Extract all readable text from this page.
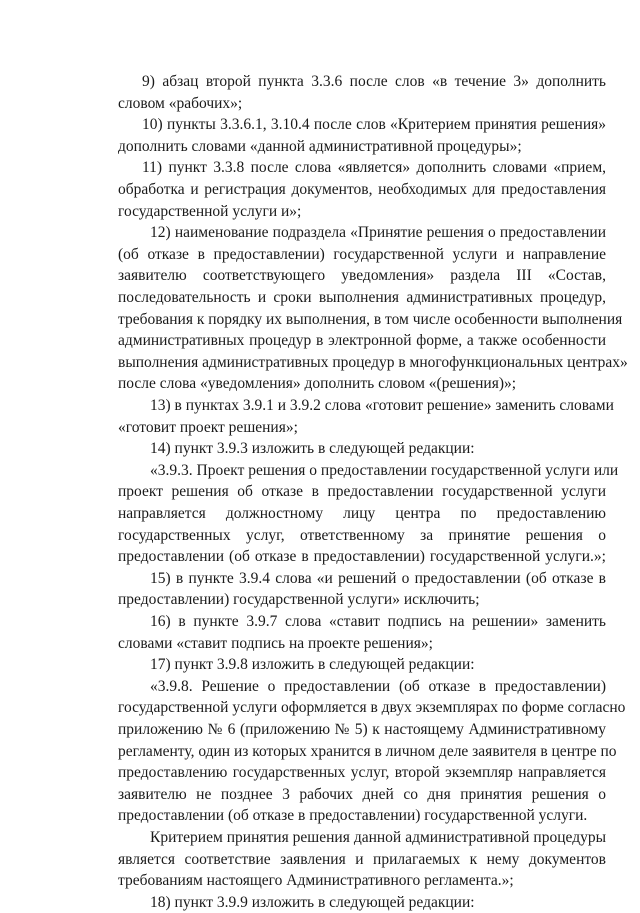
9) абзац второй пункта 3.3.6 после слов «в течение 3» дополнить
словом «рабочих»;
10) пункты 3.3.6.1, 3.10.4 после слов «Критерием принятия решения»
дополнить словами «данной административной процедуры»;
11) пункт 3.3.8 после слова «является» дополнить словами «прием,
обработка и регистрация документов, необходимых для предоставления
государственной услуги и»;
12) наименование подраздела «Принятие решения о предоставлении
(об отказе в предоставлении) государственной услуги и направление
заявителю соответствующего уведомления» раздела III «Состав,
последовательность и сроки выполнения административных процедур,
требования к порядку их выполнения, в том числе особенности выполнения
административных процедур в электронной форме, а также особенности
выполнения административных процедур в многофункциональных центрах»
после слова «уведомления» дополнить словом «(решения)»;
13) в пунктах 3.9.1 и 3.9.2 слова «готовит решение» заменить словами
«готовит проект решения»;
14) пункт 3.9.3 изложить в следующей редакции:
«3.9.3. Проект решения о предоставлении государственной услуги или
проект решения об отказе в предоставлении государственной услуги
направляется должностному лицу центра по предоставлению
государственных услуг, ответственному за принятие решения о
предоставлении (об отказе в предоставлении) государственной услуги.»;
15) в пункте 3.9.4 слова «и решений о предоставлении (об отказе в
предоставлении) государственной услуги» исключить;
16) в пункте 3.9.7 слова «ставит подпись на решении» заменить
словами «ставит подпись на проекте решения»;
17) пункт 3.9.8 изложить в следующей редакции:
«3.9.8. Решение о предоставлении (об отказе в предоставлении)
государственной услуги оформляется в двух экземплярах по форме согласно
приложению № 6 (приложению № 5) к настоящему Административному
регламенту, один из которых хранится в личном деле заявителя в центре по
предоставлению государственных услуг, второй экземпляр направляется
заявителю не позднее 3 рабочих дней со дня принятия решения о
предоставлении (об отказе в предоставлении) государственной услуги.
Критерием принятия решения данной административной процедуры
является соответствие заявления и прилагаемых к нему документов
требованиям настоящего Административного регламента.»;
18) пункт 3.9.9 изложить в следующей редакции:
